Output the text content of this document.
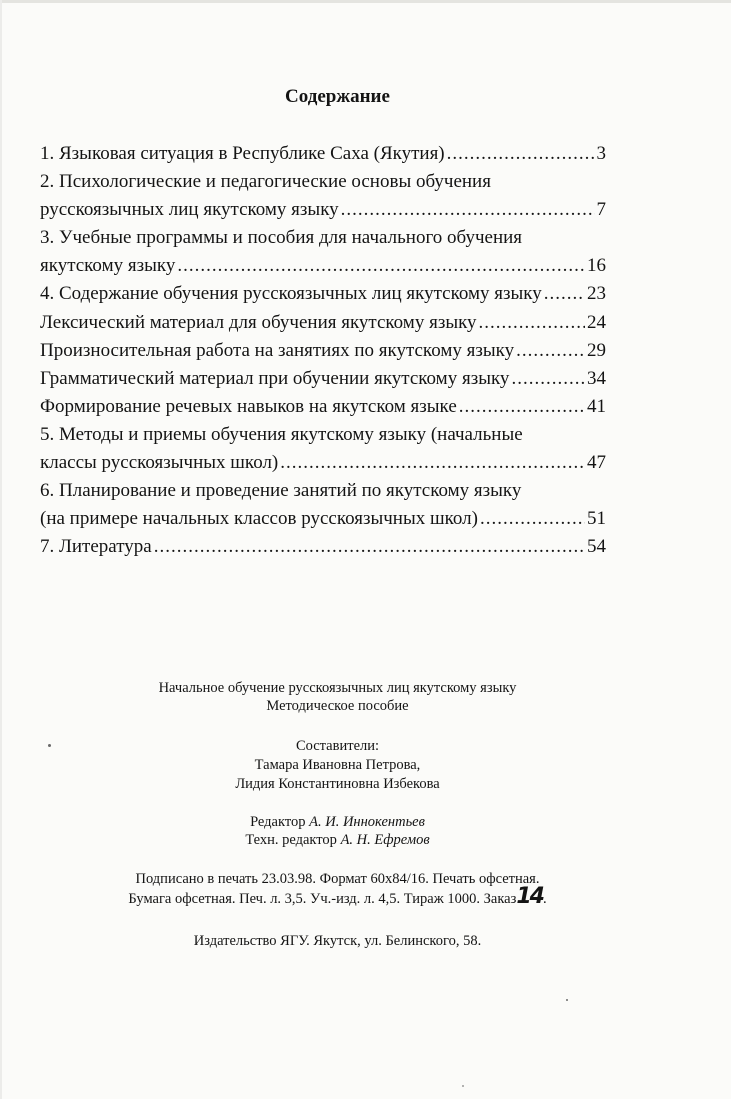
Содержание
1. Языковая ситуация в Республике Саха (Якутия) .....	3
2. Психологические и педагогические основы обучения
русскоязычных лиц якутскому языку .....	7
3. Учебные программы и пособия для начального обучения
якутскому языку .....	16
4. Содержание обучения русскоязычных лиц якутскому языку ..... 23
Лексический материал для обучения якутскому языку .....	24
Произносительная работа на занятиях по якутскому языку .....	29
Грамматический материал при обучении якутскому языку .....	34
Формирование речевых навыков на якутском языке .....	41
5. Методы и приемы обучения якутскому языку (начальные
классы русскоязычных школ) .....	47
6. Планирование и проведение занятий по якутскому языку
(на примере начальных классов русскоязычных школ) .....	51
7. Литература .....	54
Начальное обучение русскоязычных лиц якутскому языку
Методическое пособие
Составители:
Тамара Ивановна Петрова,
Лидия Константиновна Избекова
Редактор А. И. Иннокентьев
Техн. редактор А. Н. Ефремов
Подписано в печать 23.03.98. Формат 60х84/16. Печать офсетная.
Бумага офсетная. Печ. л. 3,5. Уч.-изд. л. 4,5. Тираж 1000. Заказ14.
Издательство ЯГУ. Якутск, ул. Белинского, 58.
